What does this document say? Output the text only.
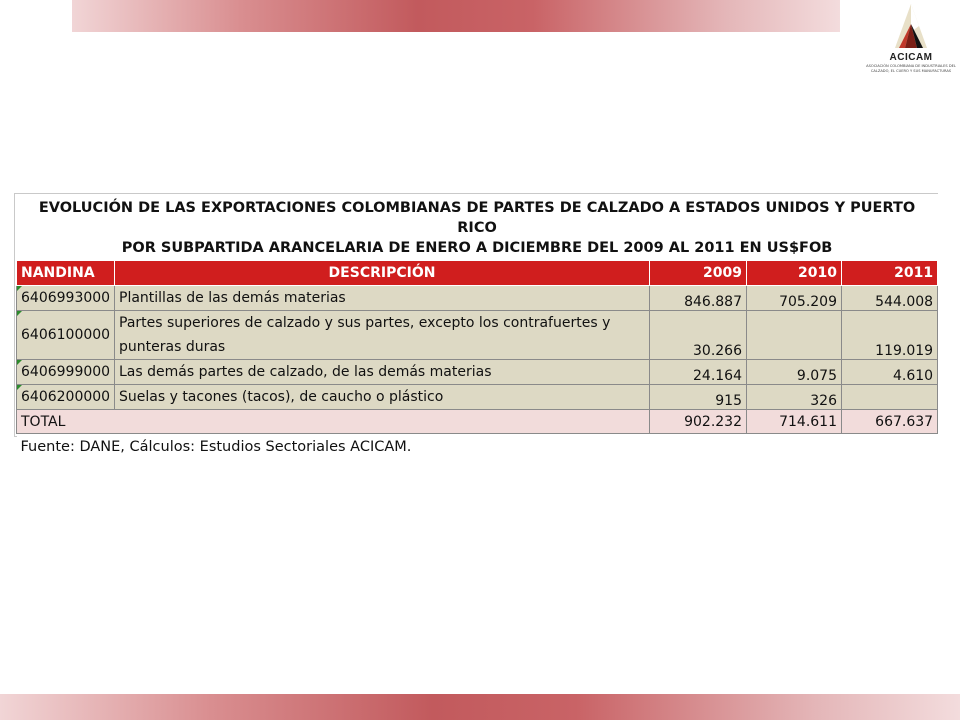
ACICAM
ASOCIACIÓN COLOMBIANA DE INDUSTRIALES DEL CALZADO, EL CUERO Y SUS MANUFACTURAS
EVOLUCIÓN DE LAS EXPORTACIONES COLOMBIANAS DE PARTES DE CALZADO A ESTADOS UNIDOS Y PUERTO RICO
POR SUBPARTIDA ARANCELARIA DE ENERO A DICIEMBRE DEL 2009 AL 2011 EN US$FOB				

NANDINA	DESCRIPCIÓN	2009	2010	2011
6406993000	Plantillas de las demás materias	846.887	705.209	544.008
6406100000	Partes superiores de calzado y sus partes, excepto los contrafuertes y punteras duras	30.266		119.019
6406999000	Las demás partes de calzado, de las demás materias	24.164	9.075	4.610
6406200000	Suelas y tacones (tacos), de caucho o plástico	915	326	
TOTAL		902.232	714.611	667.637
Fuente: DANE, Cálculos: Estudios Sectoriales ACICAM.				
